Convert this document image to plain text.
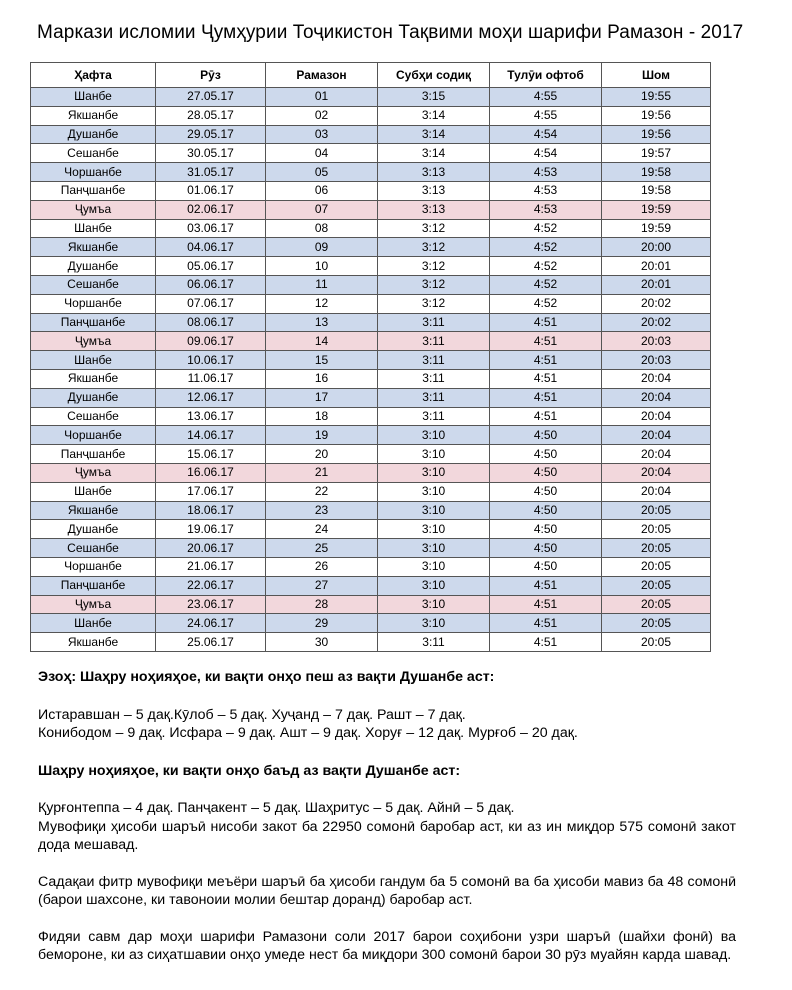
Маркази исломии Ҷумҳурии Тоҷикистон Тақвими моҳи шарифи Рамазон - 2017
Ҳафта	Рӯз	Рамазон	Субҳи содиқ	Тулӯи офтоб	Шом
Шанбе	27.05.17	01	3:15	4:55	19:55
Якшанбе	28.05.17	02	3:14	4:55	19:56
Душанбе	29.05.17	03	3:14	4:54	19:56
Сешанбе	30.05.17	04	3:14	4:54	19:57
Чоршанбе	31.05.17	05	3:13	4:53	19:58
Панҷшанбе	01.06.17	06	3:13	4:53	19:58
Ҷумъа	02.06.17	07	3:13	4:53	19:59
Шанбе	03.06.17	08	3:12	4:52	19:59
Якшанбе	04.06.17	09	3:12	4:52	20:00
Душанбе	05.06.17	10	3:12	4:52	20:01
Сешанбе	06.06.17	11	3:12	4:52	20:01
Чоршанбе	07.06.17	12	3:12	4:52	20:02
Панҷшанбе	08.06.17	13	3:11	4:51	20:02
Ҷумъа	09.06.17	14	3:11	4:51	20:03
Шанбе	10.06.17	15	3:11	4:51	20:03
Якшанбе	11.06.17	16	3:11	4:51	20:04
Душанбе	12.06.17	17	3:11	4:51	20:04
Сешанбе	13.06.17	18	3:11	4:51	20:04
Чоршанбе	14.06.17	19	3:10	4:50	20:04
Панҷшанбе	15.06.17	20	3:10	4:50	20:04
Ҷумъа	16.06.17	21	3:10	4:50	20:04
Шанбе	17.06.17	22	3:10	4:50	20:04
Якшанбе	18.06.17	23	3:10	4:50	20:05
Душанбе	19.06.17	24	3:10	4:50	20:05
Сешанбе	20.06.17	25	3:10	4:50	20:05
Чоршанбе	21.06.17	26	3:10	4:50	20:05
Панҷшанбе	22.06.17	27	3:10	4:51	20:05
Ҷумъа	23.06.17	28	3:10	4:51	20:05
Шанбе	24.06.17	29	3:10	4:51	20:05
Якшанбе	25.06.17	30	3:11	4:51	20:05

Эзоҳ: Шаҳру ноҳияҳое, ки вақти онҳо пеш аз вақти Душанбе аст:

Истаравшан – 5 дақ.Кӯлоб – 5 дақ. Хуҷанд – 7 дақ. Рашт – 7 дақ.

Конибодом – 9 дақ. Исфара – 9 дақ. Ашт – 9 дақ. Хоруғ – 12 дақ. Мурғоб – 20 дақ.

Шаҳру ноҳияҳое, ки вақти онҳо баъд аз вақти Душанбе аст:

Қурғонтеппа – 4 дақ. Панҷакент – 5 дақ. Шаҳритус – 5 дақ. Айнӣ – 5 дақ.

Мувофиқи ҳисоби шаръӣ нисоби закот ба 22950 сомонӣ баробар аст, ки аз ин миқдор 575 сомонӣ закот дода мешавад.

Садақаи фитр мувофиқи меъёри шаръӣ ба ҳисоби гандум ба 5 сомонӣ ва ба ҳисоби мавиз ба 48 сомонӣ (барои шахсоне, ки тавоноии молии бештар доранд) баробар аст.

Фидяи савм дар моҳи шарифи Рамазони соли 2017 барои соҳибони узри шаръӣ (шайхи фонӣ) ва беморонe, ки аз сиҳатшавии онҳо умеде нест ба миқдори 300 сомонӣ барои 30 рӯз муайян карда шавад.
